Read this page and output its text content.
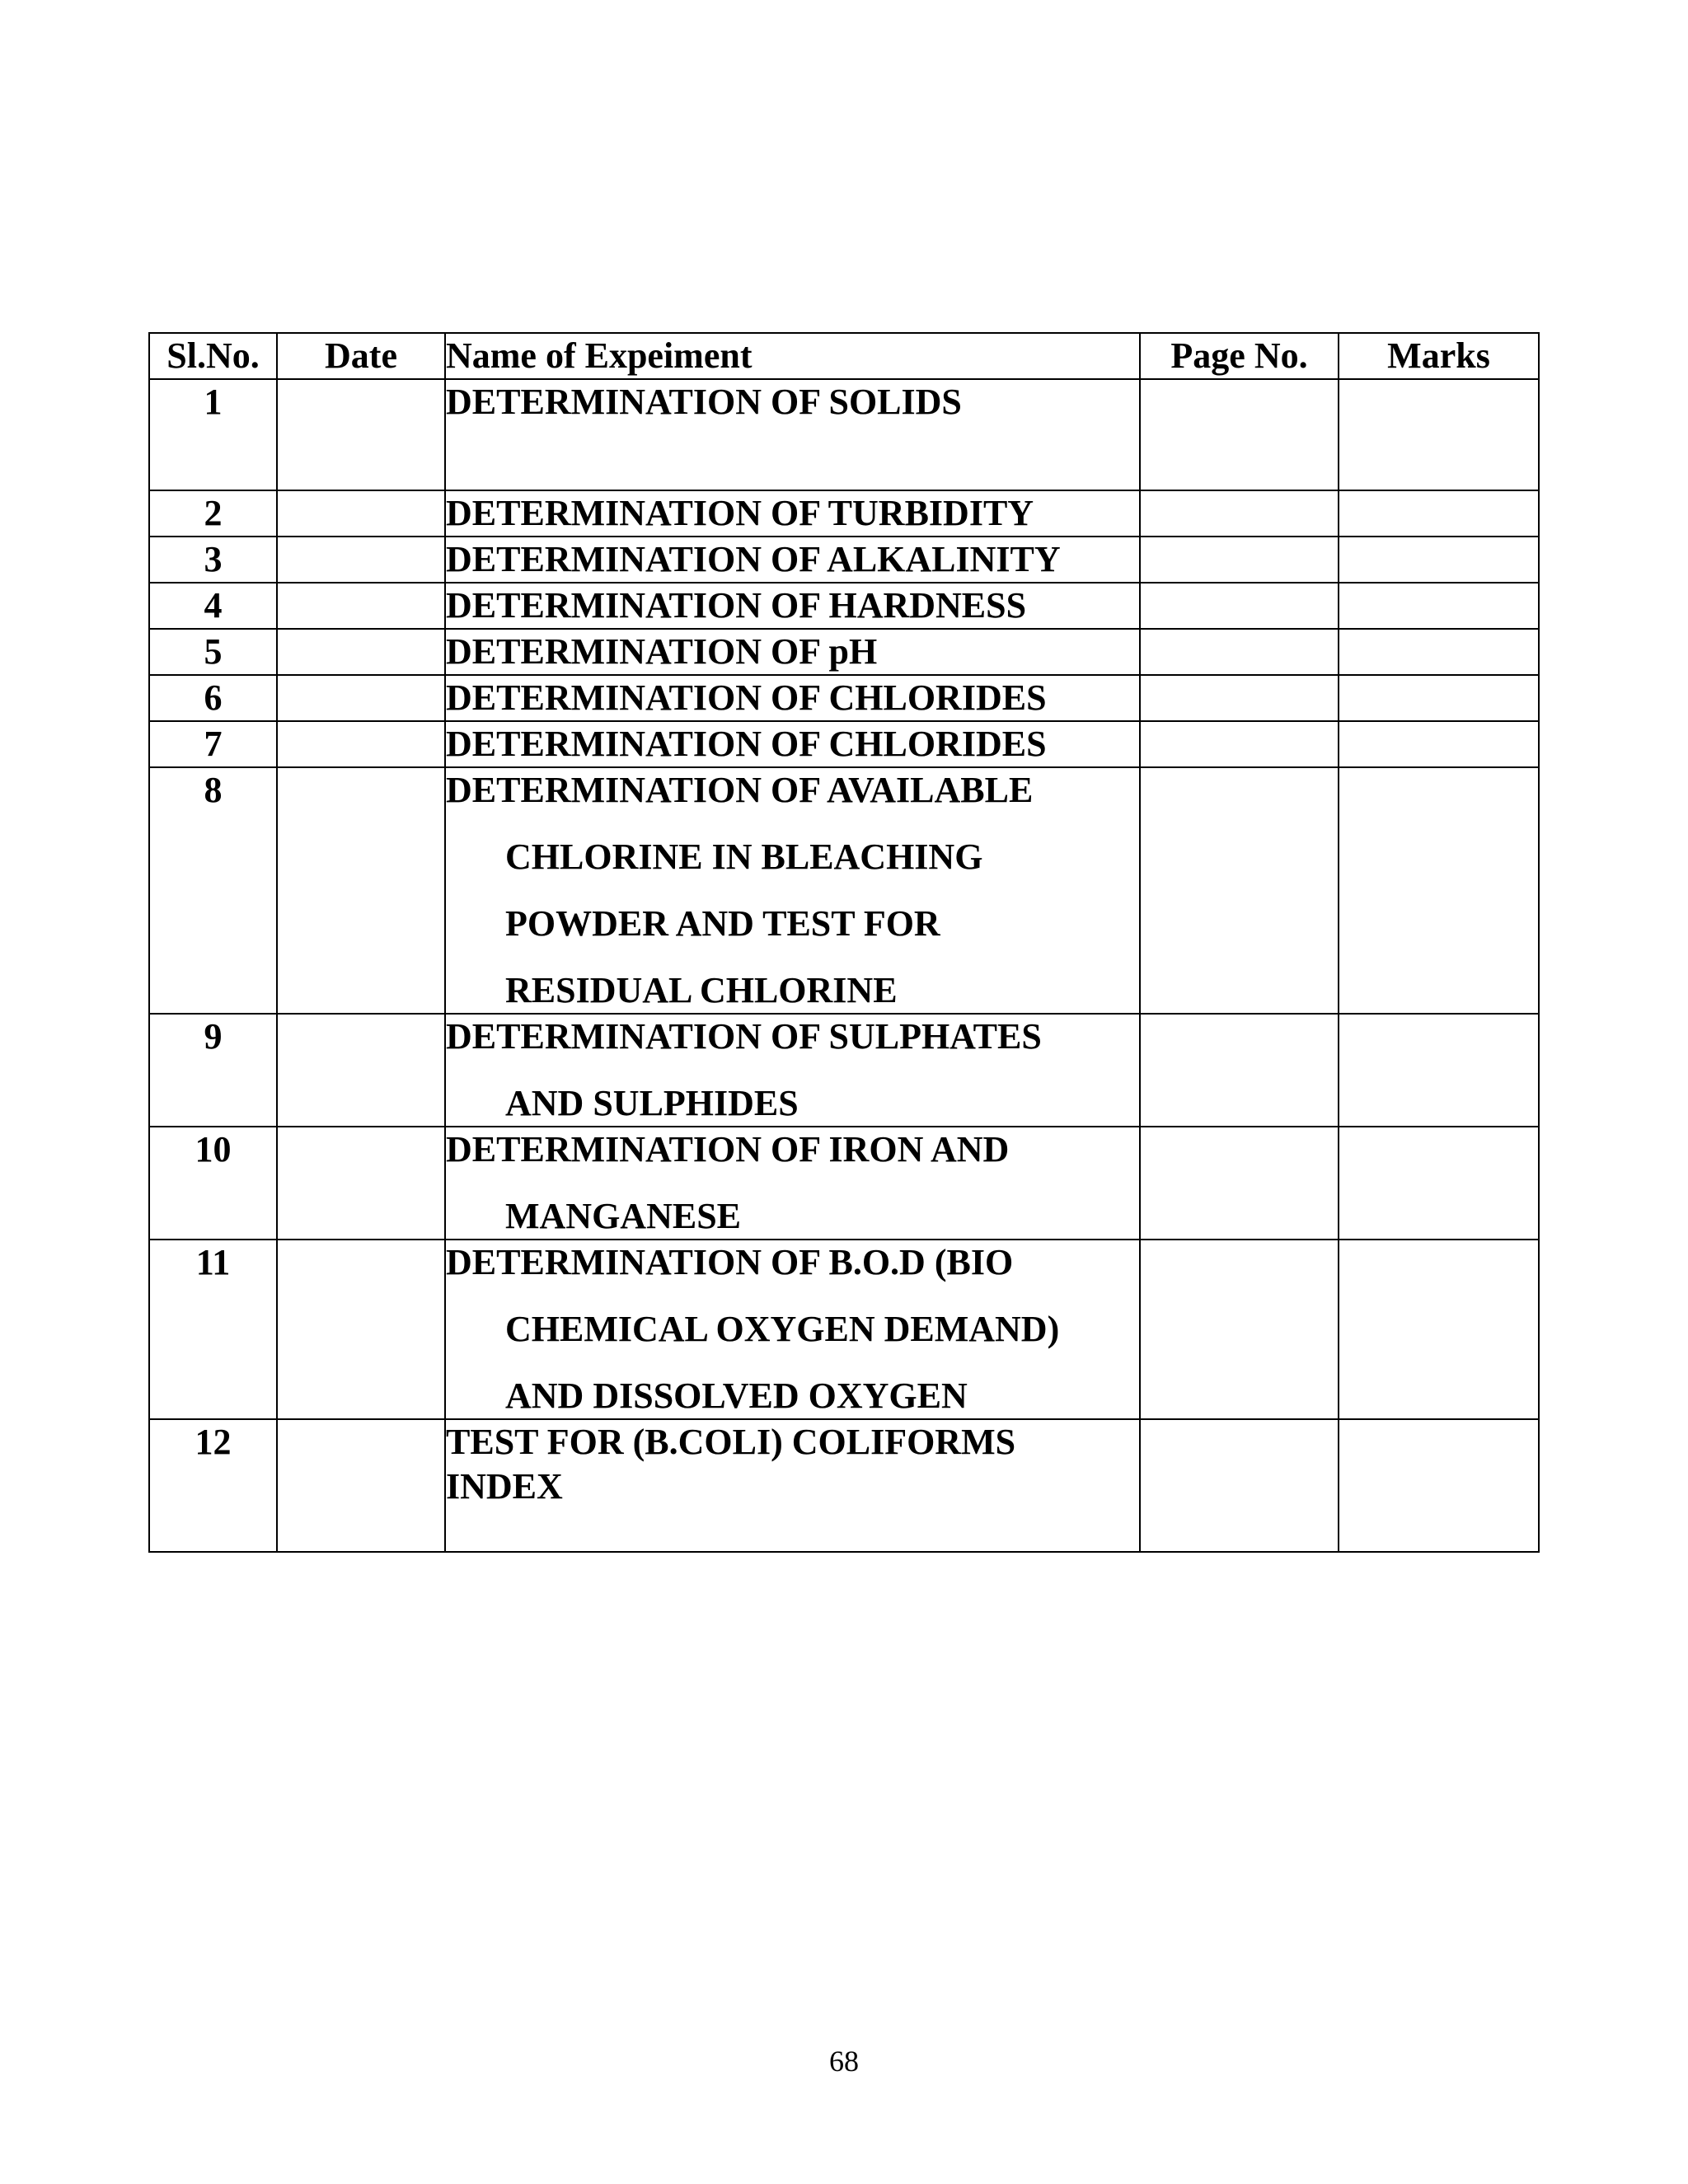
Sl.No.	Date	Name of Expeiment	Page No.	Marks
1		DETERMINATION OF SOLIDS		

2		DETERMINATION OF TURBIDITY		

3		DETERMINATION OF ALKALINITY		

4		DETERMINATION OF HARDNESS		

5		DETERMINATION OF pH		

6		DETERMINATION OF CHLORIDES		

7		DETERMINATION OF CHLORIDES		

8		DETERMINATION OF AVAILABLE
CHLORINE IN BLEACHING
POWDER AND TEST FOR
RESIDUAL CHLORINE		

9		DETERMINATION OF SULPHATES
AND SULPHIDES		

10		DETERMINATION OF IRON AND
MANGANESE		

11		DETERMINATION OF B.O.D (BIO
CHEMICAL OXYGEN DEMAND)
AND DISSOLVED OXYGEN		

12		TEST FOR (B.COLI) COLIFORMS
INDEX		

68
